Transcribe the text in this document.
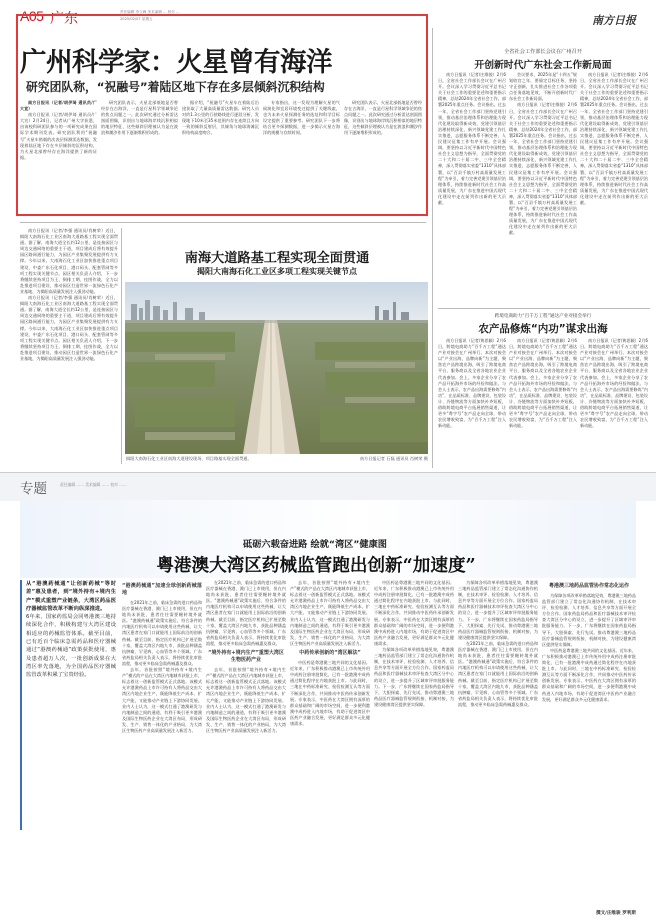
A05 广东	责任编辑 李文峰 美术编辑 … 校对 …
2025/02/07 星期五	南方日报
广州科学家：火星曾有海洋
研究团队称，“祝融号”着陆区地下存在多层倾斜沉积结构

南方日报讯（记者/胡伊琦 通讯员/广大宣）

南方日报讯（记者/胡伊琦 通讯员/广大宣）2月24日，记者从广州大学获悉，由该校科研团队参与的一项研究成果在国际学术期刊发表。研究团队利用“祝融号”火星车搭载的次表层探测雷达数据，发现着陆区地下存在多层倾斜的沉积结构，为火星北部曾经存在海洋提供了新的证据。

研究团队表示，火星北部低地是否曾经存在古海洋，一直是行星科学领域争论的焦点问题之一。此次研究通过分析雷达剖面图像，识别出与地球海岸线沉积相似的地层特征，这些倾斜层理被认为是在波浪和潮汐作用下逐渐堆积形成的。

据介绍，“祝融号”火星车在着陆后沿途获取了大量高质量雷达数据。研究人员对约1.3公里的行驶路线进行逐段分析，发现地下10米至35米范围内存在连续且方向一致的倾斜反射层，其倾角与地球海滩沉积结构高度吻合。

专家指出，这一发现为理解火星的气候演化和宜居环境变迁提供了关键线索，也为未来火星探测任务的选址和科学目标设定提供了重要参考。研究团队下一步将结合更多探测数据，进一步揭示火星古海洋的规模与存续时间。

研究团队表示，火星北部低地是否曾经存在古海洋，一直是行星科学领域争论的焦点问题之一。此次研究通过分析雷达剖面图像，识别出与地球海岸线沉积相似的地层特征，这些倾斜层理被认为是在波浪和潮汐作用下逐渐堆积形成的。

全省社会工作部长会议在广州召开
开创新时代广东社会工作新局面

南方日报讯（记者/庄维骏）2月6日，全省社会工作部长会议在广州召开。会议深入学习贯彻习近平总书记关于社会工作的重要论述和重要指示精神，总结2024年全省社会工作，部署2025年重点任务。会议指出，过去一年，全省社会工作部门坚持党建引领，推动基层治理体系和治理能力现代化建设取得新成效，党建引领基层治理持续深化，新兴领域党建工作扎实推进，志愿服务体系不断完善，人民建议征集工作有序开展。会议强调，要坚持以习近平新时代中国特色社会主义思想为指导，全面贯彻党的二十大和二十届二中、三中全会精神，深入贯彻落实省委“1310”具体部署，以“百县千镇万村高质量发展工程”为牵引，着力完善党建引领基层治理体系，持续推进新时代社会工作高质量发展，为广东在推进中国式现代化建设中走在前列作出新的更大贡献。

会议要求，2025年是“十四五”规划收官之年，要锚定目标任务，坚持守正创新，扎实推进社会工作各项重点任务落地见效，不断开创新时代广东社会工作新局面。

南方日报讯（记者/庄维骏）2月6日，全省社会工作部长会议在广州召开。会议深入学习贯彻习近平总书记关于社会工作的重要论述和重要指示精神，总结2024年全省社会工作，部署2025年重点任务。会议指出，过去一年，全省社会工作部门坚持党建引领，推动基层治理体系和治理能力现代化建设取得新成效，党建引领基层治理持续深化，新兴领域党建工作扎实推进，志愿服务体系不断完善，人民建议征集工作有序开展。会议强调，要坚持以习近平新时代中国特色社会主义思想为指导，全面贯彻党的二十大和二十届二中、三中全会精神，深入贯彻落实省委“1310”具体部署，以“百县千镇万村高质量发展工程”为牵引，着力完善党建引领基层治理体系，持续推进新时代社会工作高质量发展，为广东在推进中国式现代化建设中走在前列作出新的更大贡献。

南方日报讯（记者/庄维骏）2月6日，全省社会工作部长会议在广州召开。会议深入学习贯彻习近平总书记关于社会工作的重要论述和重要指示精神，总结2024年全省社会工作，部署2025年重点任务。会议指出，过去一年，全省社会工作部门坚持党建引领，推动基层治理体系和治理能力现代化建设取得新成效，党建引领基层治理持续深化，新兴领域党建工作扎实推进，志愿服务体系不断完善，人民建议征集工作有序开展。会议强调，要坚持以习近平新时代中国特色社会主义思想为指导，全面贯彻党的二十大和二十届二中、三中全会精神，深入贯彻落实省委“1310”具体部署，以“百县千镇万村高质量发展工程”为牵引，着力完善党建引领基层治理体系，持续推进新时代社会工作高质量发展，为广东在推进中国式现代化建设中走在前列作出新的更大贡献。

跨境电商助力“百千万工程”通达产业对接会举行
农产品修炼“内功”谋求出海

南方日报讯（记者/黄思颖）2月6日，跨境电商助力“百千万工程”通达产业对接会在广州举行。本次对接会以“产业出海，品牌向新”为主题，聚焦农产品跨境出海，吸引了跨境电商平台、服务商以及全省各地农业企业代表参加。会上，多家企业分享了农产品开拓海外市场的经验和做法。与会人士表示，农产品出海需要修炼“内功”，在品质标准、品牌建设、包装设计、冷链物流等方面加快补齐短板，借助跨境电商平台拓展销售渠道，让更多“粤字号”农产品走向全球，带动农民增收致富，为“百千万工程”注入新动能。

南方日报讯（记者/黄思颖）2月6日，跨境电商助力“百千万工程”通达产业对接会在广州举行。本次对接会以“产业出海，品牌向新”为主题，聚焦农产品跨境出海，吸引了跨境电商平台、服务商以及全省各地农业企业代表参加。会上，多家企业分享了农产品开拓海外市场的经验和做法。与会人士表示，农产品出海需要修炼“内功”，在品质标准、品牌建设、包装设计、冷链物流等方面加快补齐短板，借助跨境电商平台拓展销售渠道，让更多“粤字号”农产品走向全球，带动农民增收致富，为“百千万工程”注入新动能。

南方日报讯（记者/黄思颖）2月6日，跨境电商助力“百千万工程”通达产业对接会在广州举行。本次对接会以“产业出海，品牌向新”为主题，聚焦农产品跨境出海，吸引了跨境电商平台、服务商以及全省各地农业企业代表参加。会上，多家企业分享了农产品开拓海外市场的经验和做法。与会人士表示，农产品出海需要修炼“内功”，在品质标准、品牌建设、包装设计、冷链物流等方面加快补齐短板，借助跨境电商平台拓展销售渠道，让更多“粤字号”农产品走向全球，带动农民增收致富，为“百千万工程”注入新动能。

南方日报讯（记者/李强 通讯员/肖树荣）近日，揭阳大南海石化工业区南海大道路基工程实现全面贯通。据了解，南海大道全长约12公里，是连接园区与周边交通网络的重要主干道，项目建成后将有效提升园区路网通行能力，为园区产业集聚发展提供有力支撑。今年以来，大南海石化工业区加快推进重点项目建设，中委广东石化项目、港口码头、配套管网等多项工程实现关键节点。园区相关负责人介绍，下一步将继续坚持项目为王，倒排工期、挂图作战，全力以赴推进项目建设，推动园区打造世界一流绿色石化产业基地，为揭阳高质量发展注入强劲动能。

南方日报讯（记者/李强 通讯员/肖树荣）近日，揭阳大南海石化工业区南海大道路基工程实现全面贯通。据了解，南海大道全长约12公里，是连接园区与周边交通网络的重要主干道，项目建成后将有效提升园区路网通行能力，为园区产业集聚发展提供有力支撑。今年以来，大南海石化工业区加快推进重点项目建设，中委广东石化项目、港口码头、配套管网等多项工程实现关键节点。园区相关负责人介绍，下一步将继续坚持项目为王，倒排工期、挂图作战，全力以赴推进项目建设，推动园区打造世界一流绿色石化产业基地，为揭阳高质量发展注入强劲动能。

南海大道路基工程实现全面贯通
揭阳大南海石化工业区多项工程实现关键节点
揭阳大南海石化工业区南海大道建设现场，项目路基实现全面贯通。	南方日报记者 石磊 通讯员 肖树荣 摄
专题	责任编辑 …… 美术编辑 …… 校对 ……
砥砺六载奋进路 绘就“湾区”健康图
粤港澳大湾区药械监管跑出创新“加速度”

从“港澳药械通”让创新药械“等时差”惠及患者，到“境外持有+境内生产”模式重塑产业链条，大湾区药品医疗器械监管改革不断向纵深推进。

6年来，国家药监局会同粤港澳三地持续深化合作，积极构建与大湾区建设相适应的药械监管体系。截至目前，已有近百个临床急需药品和医疗器械通过“港澳药械通”政策获批使用，惠及患者超万人次，一批创新成果在大湾区率先落地，为全国药品医疗器械监管改革积累了宝贵经验。

“港澳药械通”加速全球创新药械落地

在2021年之前，临床急需的进口药品和医疗器械在香港、澳门已上市使用，但在内地尚未获批，患者往往需要辗转境外就医。“港澳药械通”政策实施后，符合条件的内地医疗机构可以申请使用这些药械，让大湾区患者在家门口就能用上国际前沿的创新药械。截至目前，指定医疗机构已扩展至数十家，覆盖大湾区内地九市，获批品种涵盖抗肿瘤、罕见病、心血管等多个领域。广东省药监局相关负责人表示，将持续优化审批流程，推动更多临床急需药械惠及群众。

去年，首批按照“境外持有+境内生产”模式的产品在大湾区内地城市获批上市，标志着这一创新监管模式正式落地。该模式允许港澳药品上市许可持有人将药品交由大湾区内地企业生产，既能降低生产成本、扩大产能，又能推动产业链上下游协同发展。业内人士认为，这一模式打通了港澳研发与内地制造之间的通道，有利于吸引更多港澳及国际生物医药企业在大湾区布局，形成研发、生产、销售一体化的产业格局，为大湾区生物医药产业高质量发展注入新活力。

在2021年之前，临床急需的进口药品和医疗器械在香港、澳门已上市使用，但在内地尚未获批，患者往往需要辗转境外就医。“港澳药械通”政策实施后，符合条件的内地医疗机构可以申请使用这些药械，让大湾区患者在家门口就能用上国际前沿的创新药械。截至目前，指定医疗机构已扩展至数十家，覆盖大湾区内地九市，获批品种涵盖抗肿瘤、罕见病、心血管等多个领域。广东省药监局相关负责人表示，将持续优化审批流程，推动更多临床急需药械惠及群众。

“境外持有+境内生产”重塑大湾区生物医药产业

去年，首批按照“境外持有+境内生产”模式的产品在大湾区内地城市获批上市，标志着这一创新监管模式正式落地。该模式允许港澳药品上市许可持有人将药品交由大湾区内地企业生产，既能降低生产成本、扩大产能，又能推动产业链上下游协同发展。业内人士认为，这一模式打通了港澳研发与内地制造之间的通道，有利于吸引更多港澳及国际生物医药企业在大湾区布局，形成研发、生产、销售一体化的产业格局，为大湾区生物医药产业高质量发展注入新活力。

去年，首批按照“境外持有+境内生产”模式的产品在大湾区内地城市获批上市，标志着这一创新监管模式正式落地。该模式允许港澳药品上市许可持有人将药品交由大湾区内地企业生产，既能降低生产成本、扩大产能，又能推动产业链上下游协同发展。业内人士认为，这一模式打通了港澳研发与内地制造之间的通道，有利于吸引更多港澳及国际生物医药企业在大湾区布局，形成研发、生产、销售一体化的产业格局，为大湾区生物医药产业高质量发展注入新活力。

中药传承创新的“湾区解法”

中医药是粤港澳三地共同的文化基因。近年来，广东积极推动港澳已上市传统外用中成药注册审批简化，已有一批港澳中成药通过简化程序在内地获批上市。与此同时，三地在中药标准研究、检验检测互认等方面不断深化合作，共同推动中医药传承创新发展。专家表示，中医药在大湾区拥有深厚的群众基础和广阔的市场空间，进一步便利港澳中成药进入内地市场，有助于促进湾区中医药产业融合发展，更好满足群众多元化健康需求。

中医药是粤港澳三地共同的文化基因。近年来，广东积极推动港澳已上市传统外用中成药注册审批简化，已有一批港澳中成药通过简化程序在内地获批上市。与此同时，三地在中药标准研究、检验检测互认等方面不断深化合作，共同推动中医药传承创新发展。专家表示，中医药在大湾区拥有深厚的群众基础和广阔的市场空间，进一步便利港澳中成药进入内地市场，有助于促进湾区中医药产业融合发展，更好满足群众多元化健康需求。

为保障各项改革举措落地见效，粤港澳三地药品监管部门建立了常态化沟通协作机制，在技术审评、检验检测、人才培养、信息共享等方面开展全方位合作。国家药监局药品和医疗器械技术审评检查大湾区分中心的设立，进一步提升了区域审评审批服务能力。下一步，广东将继续在国家药监局指导下，大胆探索、先行先试，推动粤港澳三地药品医疗器械监管规则衔接、机制对接，为建设健康湾区提供坚实保障。

为保障各项改革举措落地见效，粤港澳三地药品监管部门建立了常态化沟通协作机制，在技术审评、检验检测、人才培养、信息共享等方面开展全方位合作。国家药监局药品和医疗器械技术审评检查大湾区分中心的设立，进一步提升了区域审评审批服务能力。下一步，广东将继续在国家药监局指导下，大胆探索、先行先试，推动粤港澳三地药品医疗器械监管规则衔接、机制对接，为建设健康湾区提供坚实保障。

在2021年之前，临床急需的进口药品和医疗器械在香港、澳门已上市使用，但在内地尚未获批，患者往往需要辗转境外就医。“港澳药械通”政策实施后，符合条件的内地医疗机构可以申请使用这些药械，让大湾区患者在家门口就能用上国际前沿的创新药械。截至目前，指定医疗机构已扩展至数十家，覆盖大湾区内地九市，获批品种涵盖抗肿瘤、罕见病、心血管等多个领域。广东省药监局相关负责人表示，将持续优化审批流程，推动更多临床急需药械惠及群众。

粤港澳三地药品监管协作常态化运作

为保障各项改革举措落地见效，粤港澳三地药品监管部门建立了常态化沟通协作机制，在技术审评、检验检测、人才培养、信息共享等方面开展全方位合作。国家药监局药品和医疗器械技术审评检查大湾区分中心的设立，进一步提升了区域审评审批服务能力。下一步，广东将继续在国家药监局指导下，大胆探索、先行先试，推动粤港澳三地药品医疗器械监管规则衔接、机制对接，为建设健康湾区提供坚实保障。

中医药是粤港澳三地共同的文化基因。近年来，广东积极推动港澳已上市传统外用中成药注册审批简化，已有一批港澳中成药通过简化程序在内地获批上市。与此同时，三地在中药标准研究、检验检测互认等方面不断深化合作，共同推动中医药传承创新发展。专家表示，中医药在大湾区拥有深厚的群众基础和广阔的市场空间，进一步便利港澳中成药进入内地市场，有助于促进湾区中医药产业融合发展，更好满足群众多元化健康需求。

撰文/庄维骏 罗利斯
